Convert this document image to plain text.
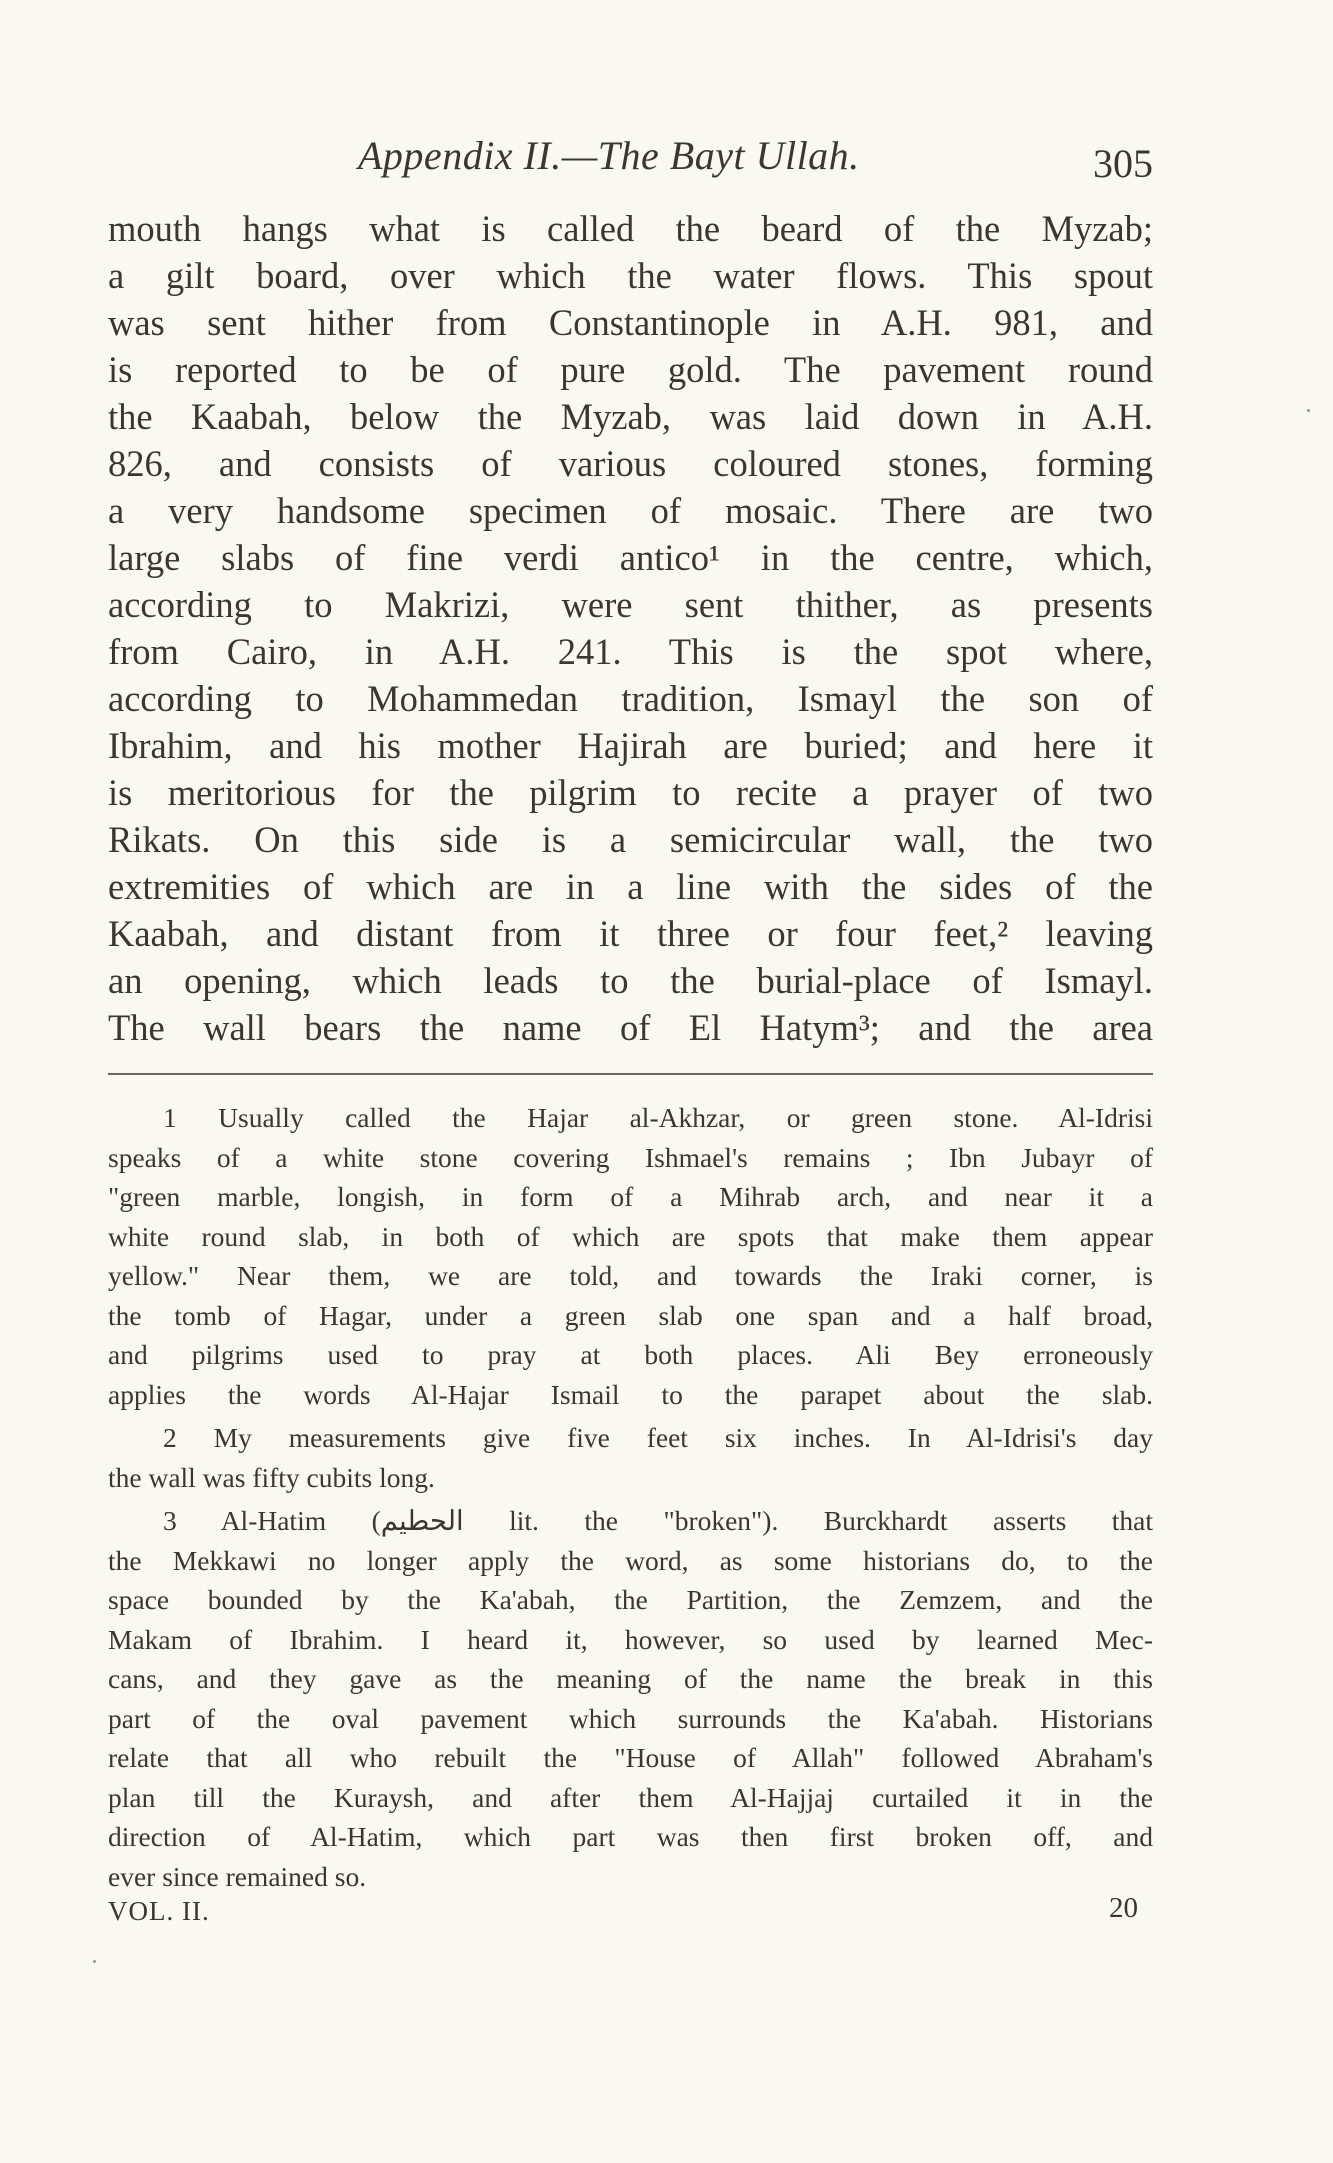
Appendix II.—The Bayt Ullah.	305
mouth hangs what is called the beard of the Myzab;
a gilt board, over which the water flows. This spout
was sent hither from Constantinople in A.H. 981, and
is reported to be of pure gold. The pavement round
the Kaabah, below the Myzab, was laid down in A.H.
826, and consists of various coloured stones, forming
a very handsome specimen of mosaic. There are two
large slabs of fine verdi antico¹ in the centre, which,
according to Makrizi, were sent thither, as presents
from Cairo, in A.H. 241. This is the spot where,
according to Mohammedan tradition, Ismayl the son of
Ibrahim, and his mother Hajirah are buried; and here it
is meritorious for the pilgrim to recite a prayer of two
Rikats. On this side is a semicircular wall, the two
extremities of which are in a line with the sides of the
Kaabah, and distant from it three or four feet,² leaving
an opening, which leads to the burial-place of Ismayl.
The wall bears the name of El Hatym³; and the area
1 Usually called the Hajar al-Akhzar, or green stone. Al-Idrisi
speaks of a white stone covering Ishmael's remains ; Ibn Jubayr of
"green marble, longish, in form of a Mihrab arch, and near it a
white round slab, in both of which are spots that make them appear
yellow." Near them, we are told, and towards the Iraki corner, is
the tomb of Hagar, under a green slab one span and a half broad,
and pilgrims used to pray at both places. Ali Bey erroneously
applies the words Al-Hajar Ismail to the parapet about the slab.
2 My measurements give five feet six inches. In Al-Idrisi's day
the wall was fifty cubits long.
3 Al-Hatim (الحطيم lit. the "broken"). Burckhardt asserts that
the Mekkawi no longer apply the word, as some historians do, to the
space bounded by the Ka'abah, the Partition, the Zemzem, and the
Makam of Ibrahim. I heard it, however, so used by learned Mec-
cans, and they gave as the meaning of the name the break in this
part of the oval pavement which surrounds the Ka'abah. Historians
relate that all who rebuilt the "House of Allah" followed Abraham's
plan till the Kuraysh, and after them Al-Hajjaj curtailed it in the
direction of Al-Hatim, which part was then first broken off, and
ever since remained so.
VOL. II.	20
